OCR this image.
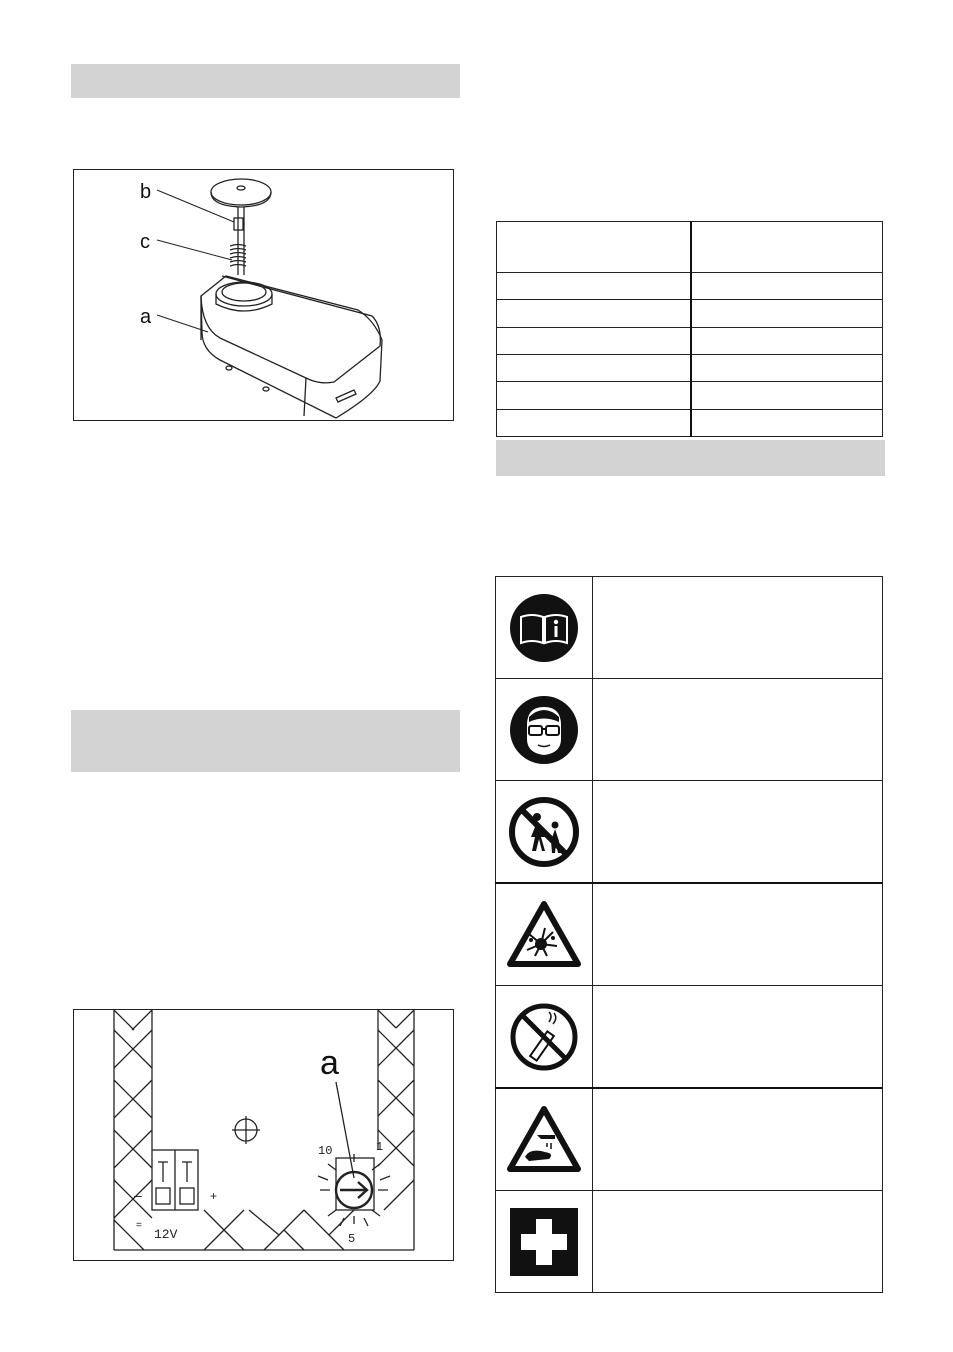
b
c
a
a
10	1
5
12V
–	+
=
